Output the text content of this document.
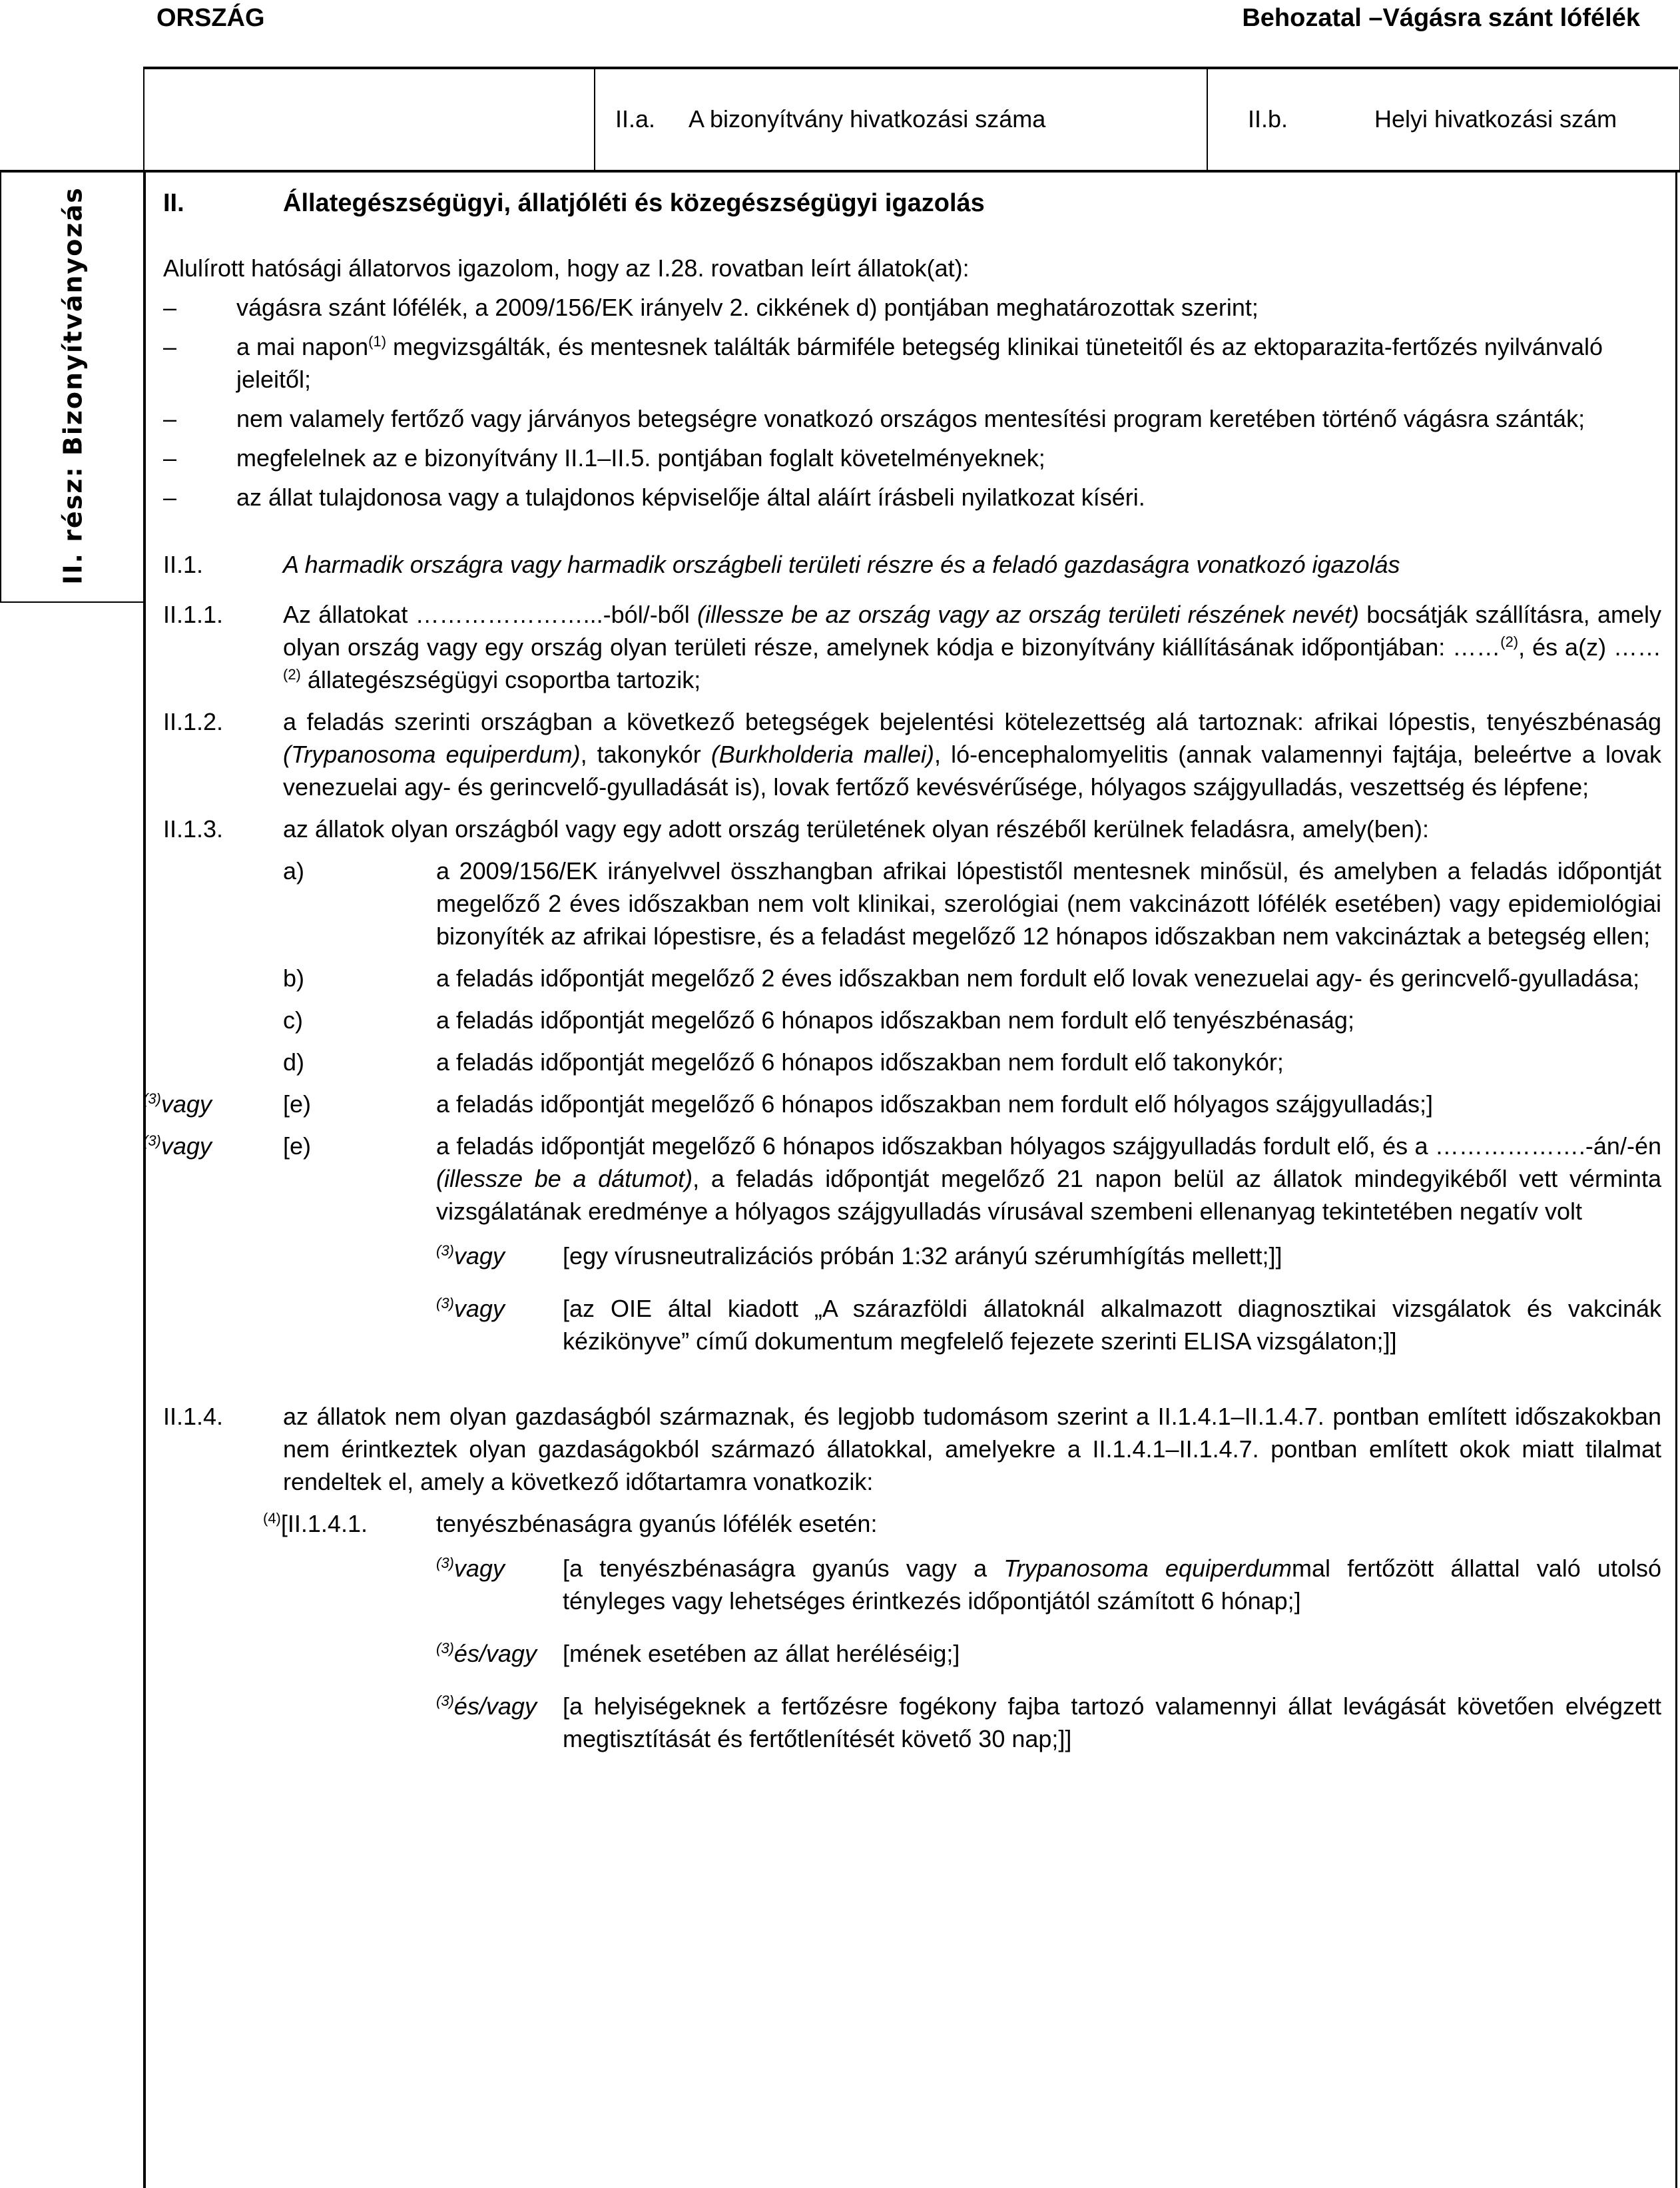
ORSZÁG	Behozatal –Vágásra szánt lófélék
II.a. A bizonyítvány hivatkozási száma	II.b.	Helyi hivatkozási szám
II. rész: Bizonyítványozás	II.	Állategészségügyi, állatjóléti és közegészségügyi igazolás
Alulírott hatósági állatorvos igazolom, hogy az I.28. rovatban leírt állatok(at):
–	vágásra szánt lófélék, a 2009/156/EK irányelv 2. cikkének d) pontjában meghatározottak szerint;
–	a mai napon$^{(1)}$ megvizsgálták, és mentesnek találták bármiféle betegség klinikai tüneteitől és az ektoparazita-fertőzés nyilvánvaló jeleitől;
–	nem valamely fertőző vagy járványos betegségre vonatkozó országos mentesítési program keretében történő vágásra szánták;
–	megfelelnek az e bizonyítvány II.1–II.5. pontjában foglalt követelményeknek;
–	az állat tulajdonosa vagy a tulajdonos képviselője által aláírt írásbeli nyilatkozat kíséri.
II.1.	A harmadik országra vagy harmadik országbeli területi részre és a feladó gazdaságra vonatkozó igazolás
II.1.1.	Az állatokat …………………...-ból/-ből (illessze be az ország vagy az ország területi részének nevét) bocsátják szállításra, amely olyan ország vagy egy ország olyan területi része, amelynek kódja e bizonyítvány kiállításának időpontjában: ……$^{(2)}$, és a(z) ……$^{(2)}$ állategészségügyi csoportba tartozik;
II.1.2.	a feladás szerinti országban a következő betegségek bejelentési kötelezettség alá tartoznak: afrikai lópestis, tenyészbénaság (Trypanosoma equiperdum), takonykór (Burkholderia mallei), ló-encephalomyelitis (annak valamennyi fajtája, beleértve a lovak venezuelai agy- és gerincvelő-gyulladását is), lovak fertőző kevésvérűsége, hólyagos szájgyulladás, veszettség és lépfene;
II.1.3.	az állatok olyan országból vagy egy adott ország területének olyan részéből kerülnek feladásra, amely(ben):
a)	a 2009/156/EK irányelvvel összhangban afrikai lópestistől mentesnek minősül, és amelyben a feladás időpontját megelőző 2 éves időszakban nem volt klinikai, szerológiai (nem vakcinázott lófélék esetében) vagy epidemiológiai bizonyíték az afrikai lópestisre, és a feladást megelőző 12 hónapos időszakban nem vakcináztak a betegség ellen;
b)	a feladás időpontját megelőző 2 éves időszakban nem fordult elő lovak venezuelai agy- és gerincvelő-gyulladása;
c)	a feladás időpontját megelőző 6 hónapos időszakban nem fordult elő tenyészbénaság;
d)	a feladás időpontját megelőző 6 hónapos időszakban nem fordult elő takonykór;
$^{(3)}$vagy	[e)	a feladás időpontját megelőző 6 hónapos időszakban nem fordult elő hólyagos szájgyulladás;]
$^{(3)}$vagy	[e)	a feladás időpontját megelőző 6 hónapos időszakban hólyagos szájgyulladás fordult elő, és a ……………….-án/-én (illessze be a dátumot), a feladás időpontját megelőző 21 napon belül az állatok mindegyikéből vett vérminta vizsgálatának eredménye a hólyagos szájgyulladás vírusával szembeni ellenanyag tekintetében negatív volt
$^{(3)}$vagy	[egy vírusneutralizációs próbán 1:32 arányú szérumhígítás mellett;]]
$^{(3)}$vagy	[az OIE által kiadott „A szárazföldi állatoknál alkalmazott diagnosztikai vizsgálatok és vakcinák kézikönyve” című dokumentum megfelelő fejezete szerinti ELISA vizsgálaton;]]
II.1.4.	az állatok nem olyan gazdaságból származnak, és legjobb tudomásom szerint a II.1.4.1–II.1.4.7. pontban említett időszakokban nem érintkeztek olyan gazdaságokból származó állatokkal, amelyekre a II.1.4.1–II.1.4.7. pontban említett okok miatt tilalmat rendeltek el, amely a következő időtartamra vonatkozik:
$^{(4)}$[II.1.4.1.	tenyészbénaságra gyanús lófélék esetén:
$^{(3)}$vagy	[a tenyészbénaságra gyanús vagy a Trypanosoma equiperdummal fertőzött állattal való utolsó tényleges vagy lehetséges érintkezés időpontjától számított 6 hónap;]
$^{(3)}$és/vagy	[mének esetében az állat heréléséig;]
$^{(3)}$és/vagy	[a helyiségeknek a fertőzésre fogékony fajba tartozó valamennyi állat levágását követően elvégzett megtisztítását és fertőtlenítését követő 30 nap;]]
